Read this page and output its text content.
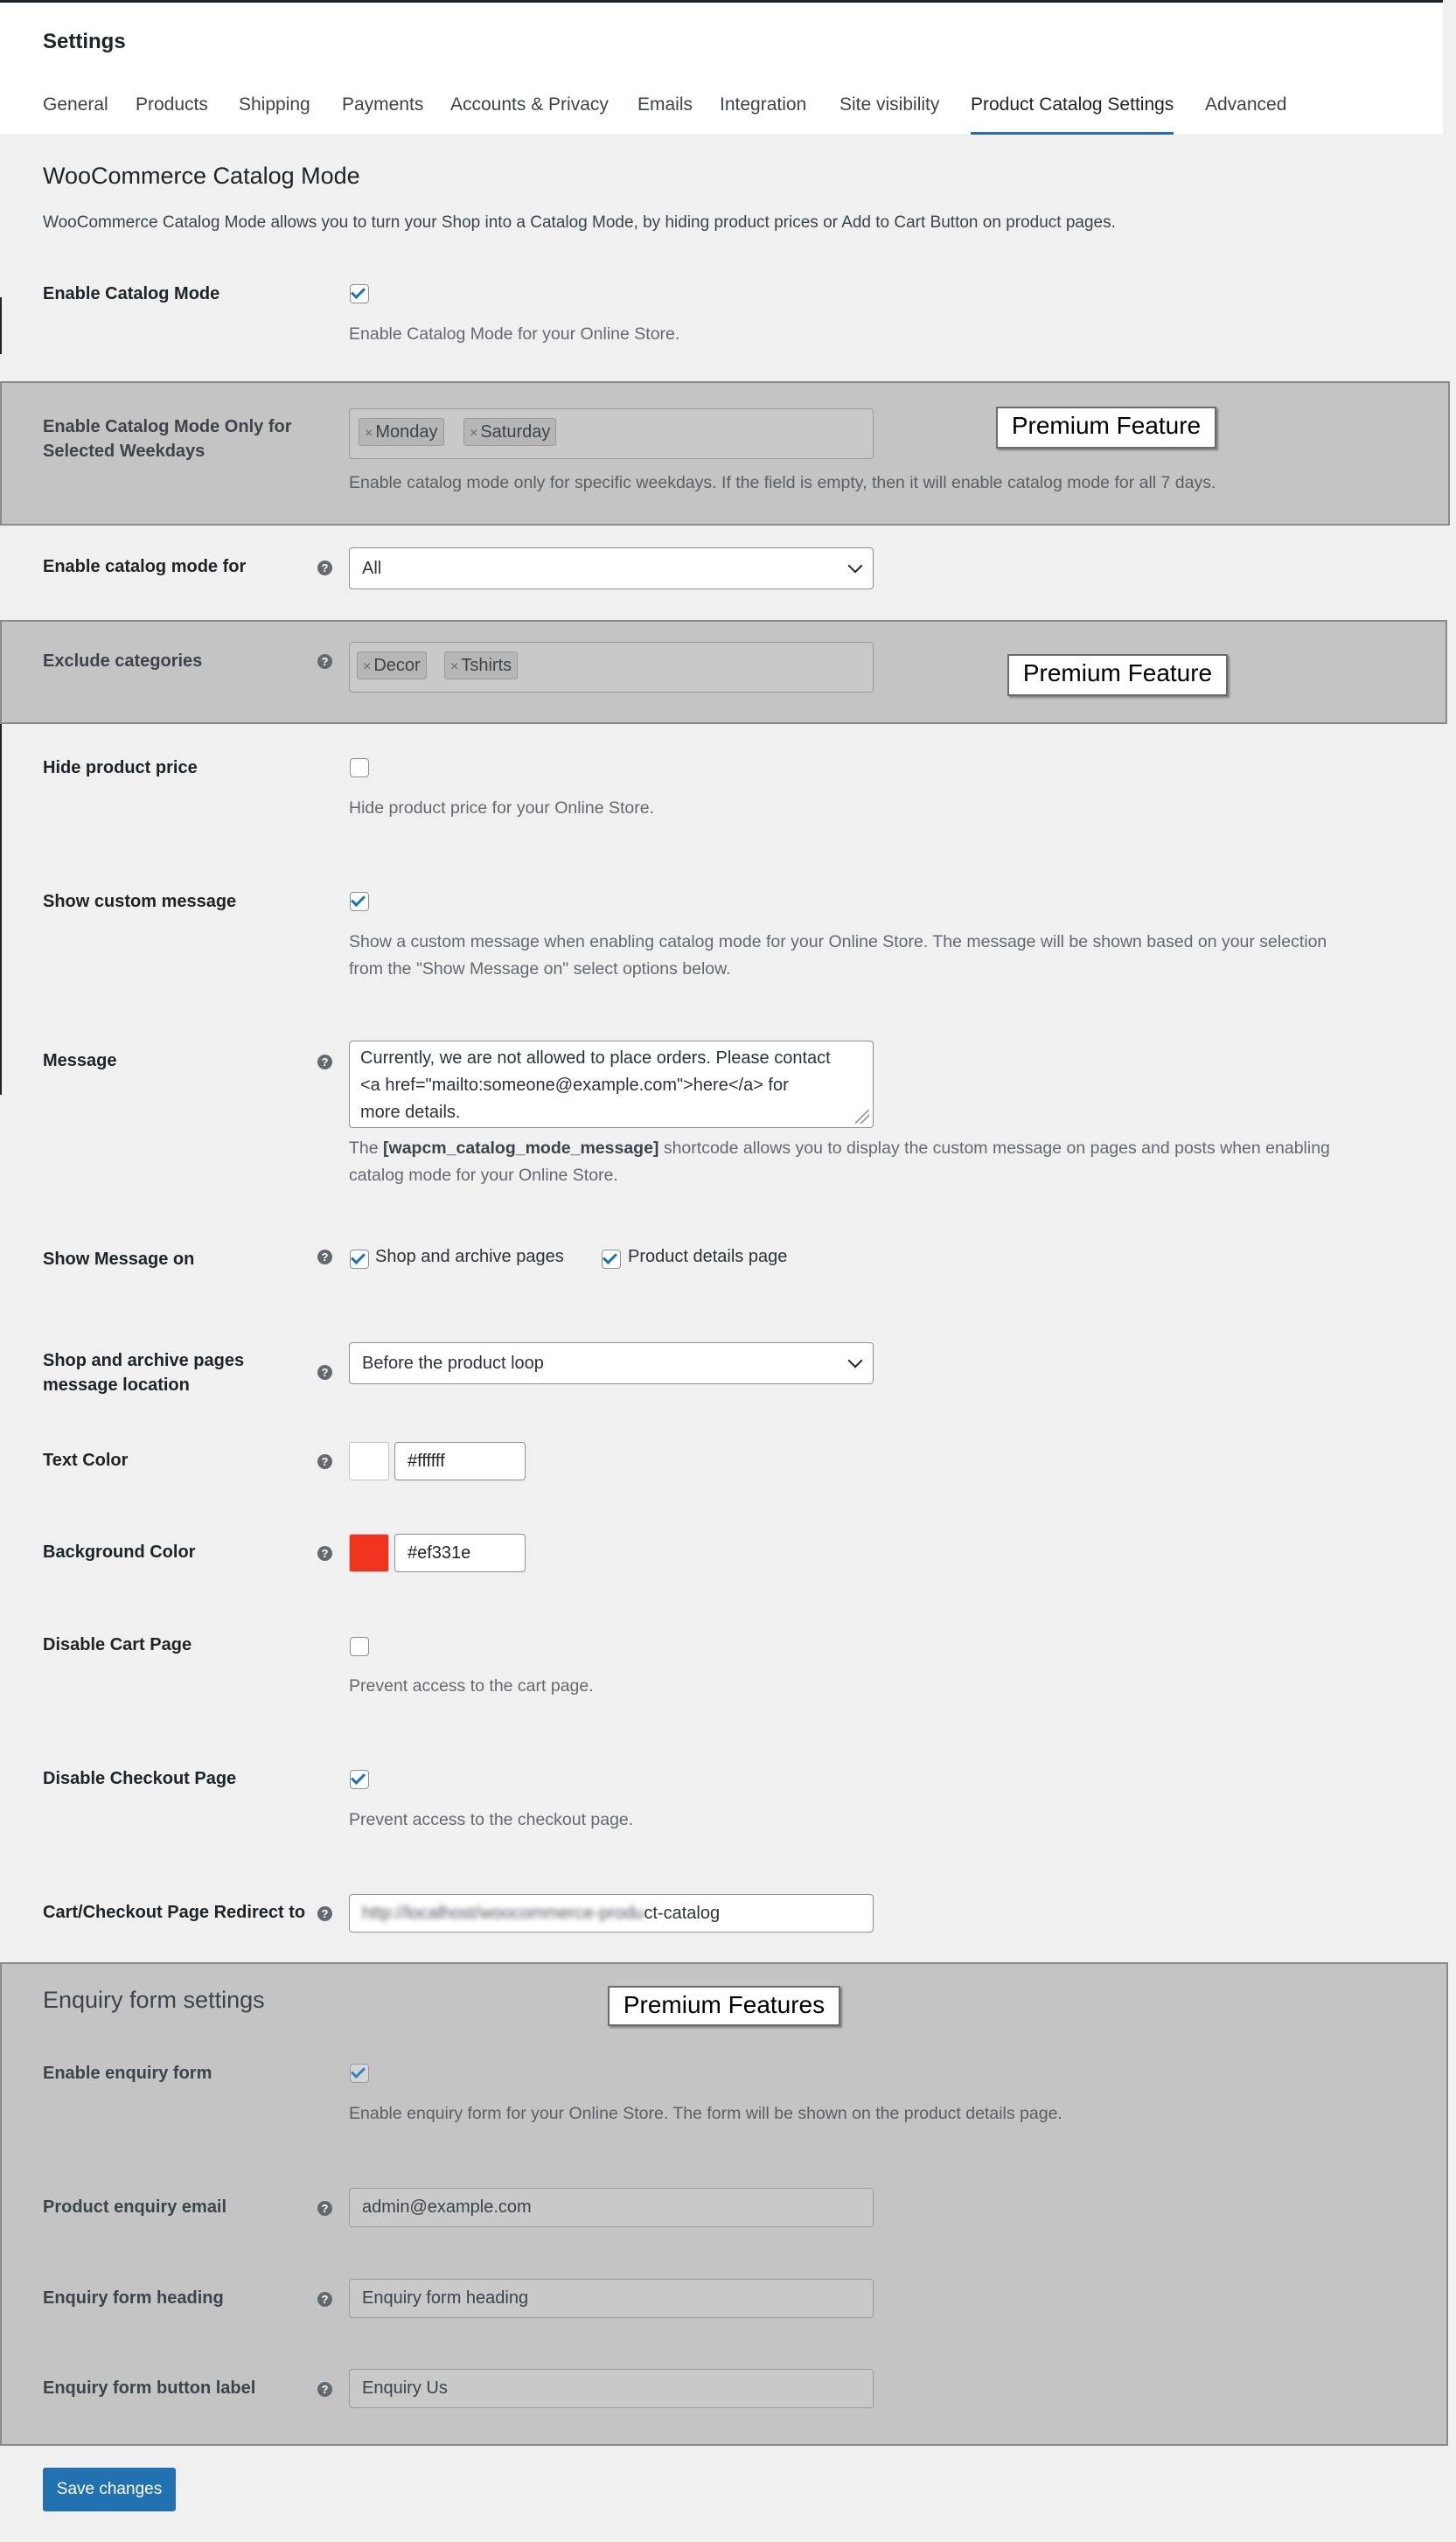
Settings
General Products Shipping Payments Accounts & Privacy Emails Integration Site visibility Product Catalog Settings Advanced
WooCommerce Catalog Mode
WooCommerce Catalog Mode allows you to turn your Shop into a Catalog Mode, by hiding product prices or Add to Cart Button on product pages.
Enable Catalog Mode
Enable Catalog Mode for your Online Store.
Enable Catalog Mode Only for Selected Weekdays
× Monday	× Saturday	Premium Feature
Enable catalog mode only for specific weekdays. If the field is empty, then it will enable catalog mode for all 7 days.
Enable catalog mode for	?	All
Exclude categories	?	× Decor	× Tshirts	Premium Feature
Hide product price
Hide product price for your Online Store.
Show custom message
Show a custom message when enabling catalog mode for your Online Store. The message will be shown based on your selection
from the "Show Message on" select options below.
Message	? Currently, we are not allowed to place orders. Please contact
<a href="mailto:someone@example.com">here</a> for
more details.
The [wapcm_catalog_mode_message] shortcode allows you to display the custom message on pages and posts when enabling
catalog mode for your Online Store.
Show Message on	?	Shop and archive pages	Product details page
Shop and archive pages
message location
?	Before the product loop
Text Color	?	#ffffff
Background Color	?	#ef331e
Disable Cart Page
Prevent access to the cart page.
Disable Checkout Page
Prevent access to the checkout page.
Cart/Checkout Page Redirect to	?	http://localhost/woocommerce-product-catalog
Enquiry form settings	Premium Features
Enable enquiry form
Enable enquiry form for your Online Store. The form will be shown on the product details page.
Product enquiry email	?	admin@example.com
Enquiry form heading	?	Enquiry form heading
Enquiry form button label	?	Enquiry Us
Save changes
